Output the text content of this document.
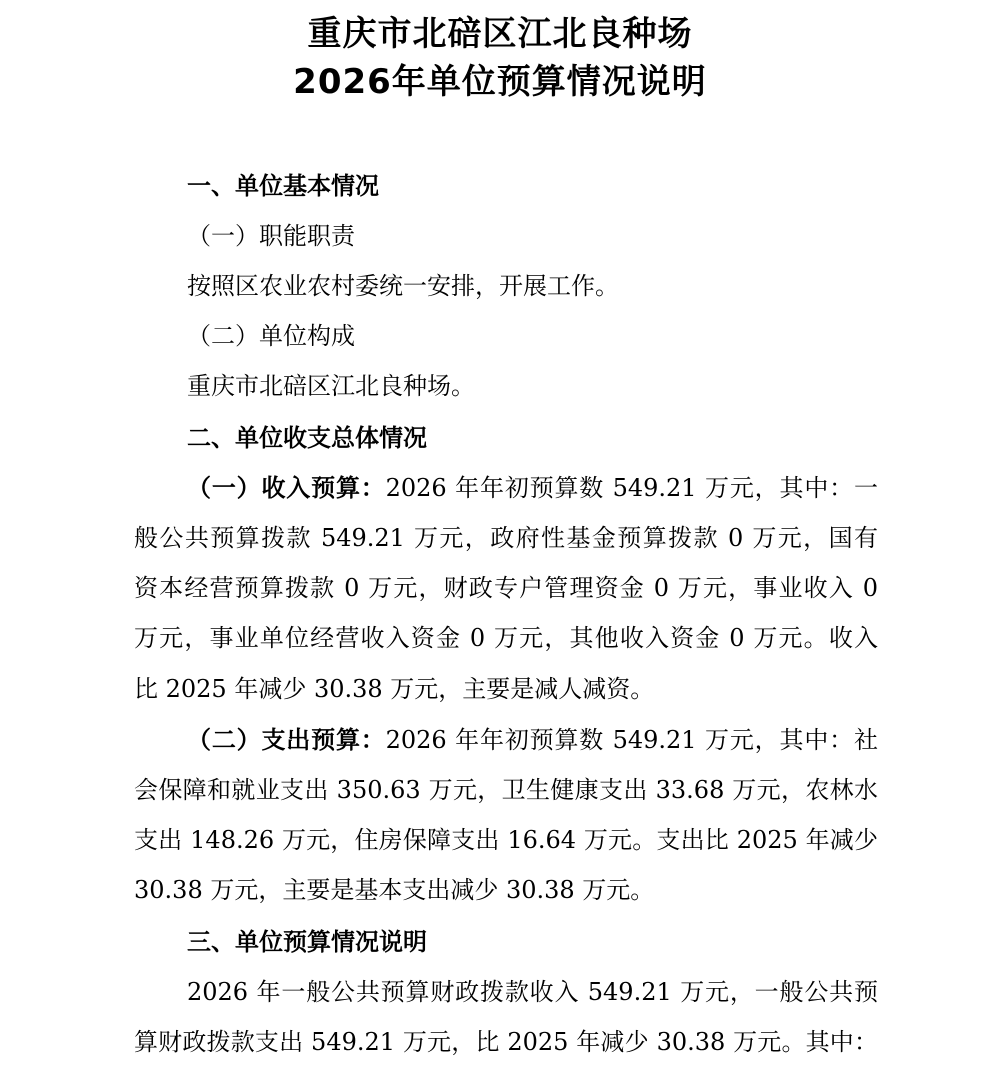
重庆市北碚区江北良种场
2026年单位预算情况说明
一、单位基本情况
（一）职能职责
按照区农业农村委统一安排，开展工作。
（二）单位构成
重庆市北碚区江北良种场。
二、单位收支总体情况
（一）收入预算：2026 年年初预算数 549.21 万元，其中：一
般公共预算拨款 549.21 万元，政府性基金预算拨款 0 万元，国有
资本经营预算拨款 0 万元，财政专户管理资金 0 万元，事业收入 0
万元，事业单位经营收入资金 0 万元，其他收入资金 0 万元。收入
比 2025 年减少 30.38 万元，主要是减人减资。
（二）支出预算：2026 年年初预算数 549.21 万元，其中：社
会保障和就业支出 350.63 万元，卫生健康支出 33.68 万元，农林水
支出 148.26 万元，住房保障支出 16.64 万元。支出比 2025 年减少
30.38 万元，主要是基本支出减少 30.38 万元。
三、单位预算情况说明
2026 年一般公共预算财政拨款收入 549.21 万元，一般公共预
算财政拨款支出 549.21 万元，比 2025 年减少 30.38 万元。其中：
